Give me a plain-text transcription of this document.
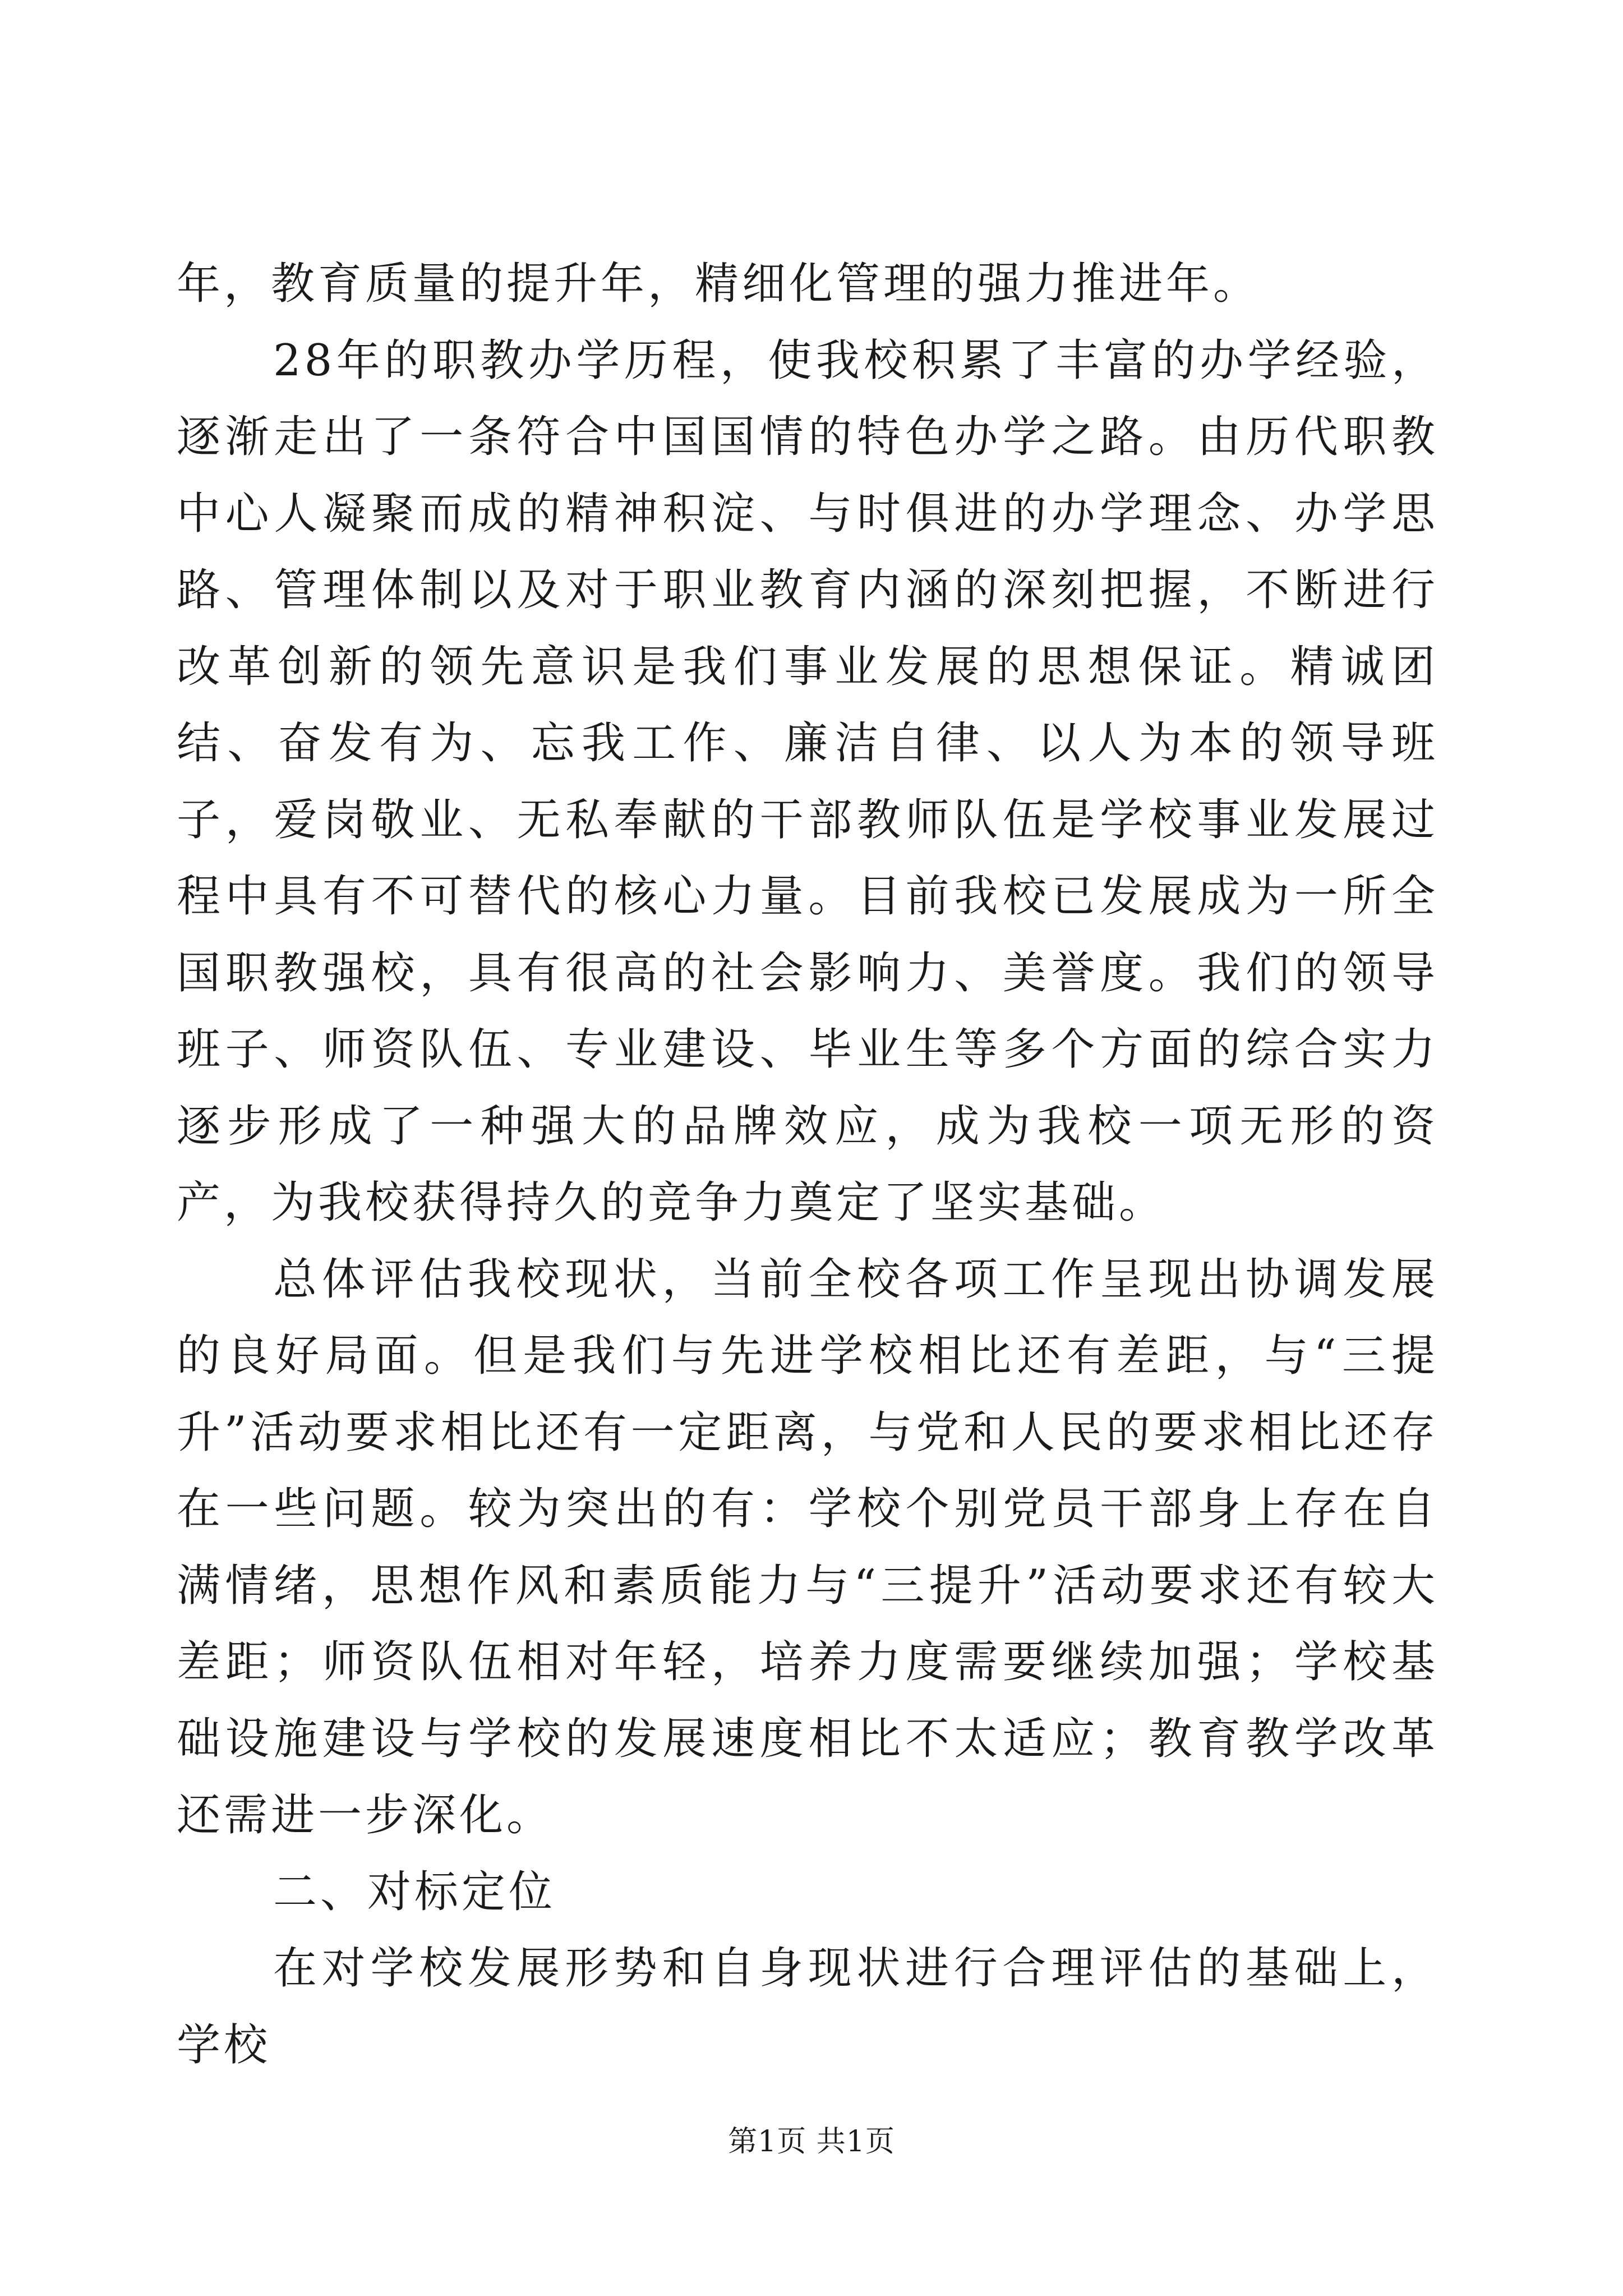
年，教育质量的提升年，精细化管理的强力推进年。

28年的职教办学历程，使我校积累了丰富的办学经验，逐渐走出了一条符合中国国情的特色办学之路。由历代职教中心人凝聚而成的精神积淀、与时俱进的办学理念、办学思路、管理体制以及对于职业教育内涵的深刻把握，不断进行改革创新的领先意识是我们事业发展的思想保证。精诚团结、奋发有为、忘我工作、廉洁自律、以人为本的领导班子，爱岗敬业、无私奉献的干部教师队伍是学校事业发展过程中具有不可替代的核心力量。目前我校已发展成为一所全国职教强校，具有很高的社会影响力、美誉度。我们的领导班子、师资队伍、专业建设、毕业生等多个方面的综合实力逐步形成了一种强大的品牌效应，成为我校一项无形的资产，为我校获得持久的竞争力奠定了坚实基础。

总体评估我校现状，当前全校各项工作呈现出协调发展的良好局面。但是我们与先进学校相比还有差距，与“三提升”活动要求相比还有一定距离，与党和人民的要求相比还存在一些问题。较为突出的有：学校个别党员干部身上存在自满情绪，思想作风和素质能力与“三提升”活动要求还有较大差距；师资队伍相对年轻，培养力度需要继续加强；学校基础设施建设与学校的发展速度相比不太适应；教育教学改革还需进一步深化。

二、对标定位

在对学校发展形势和自身现状进行合理评估的基础上，学校

第1页 共1页
